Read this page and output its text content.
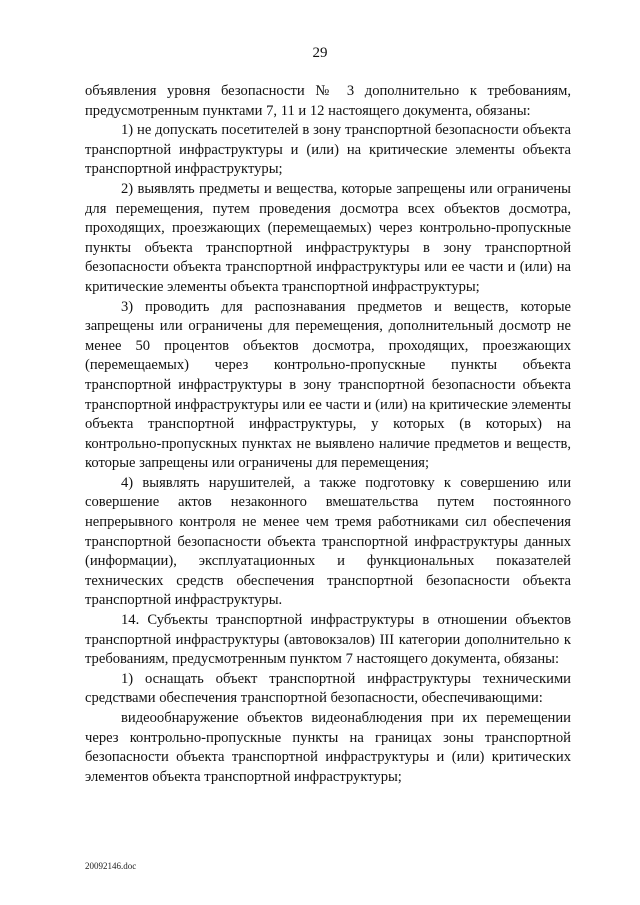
29

объявления уровня безопасности № 3 дополнительно к требованиям, предусмотренным пунктами 7, 11 и 12 настоящего документа, обязаны:

1) не допускать посетителей в зону транспортной безопасности объекта транспортной инфраструктуры и (или) на критические элементы объекта транспортной инфраструктуры;

2) выявлять предметы и вещества, которые запрещены или ограничены для перемещения, путем проведения досмотра всех объектов досмотра, проходящих, проезжающих (перемещаемых) через контрольно-пропускные пункты объекта транспортной инфраструктуры в зону транспортной безопасности объекта транспортной инфраструктуры или ее части и (или) на критические элементы объекта транспортной инфраструктуры;

3) проводить для распознавания предметов и веществ, которые запрещены или ограничены для перемещения, дополнительный досмотр не менее 50 процентов объектов досмотра, проходящих, проезжающих (перемещаемых) через контрольно-пропускные пункты объекта транспортной инфраструктуры в зону транспортной безопасности объекта транспортной инфраструктуры или ее части и (или) на критические элементы объекта транспортной инфраструктуры, у которых (в которых) на контрольно-пропускных пунктах не выявлено наличие предметов и веществ, которые запрещены или ограничены для перемещения;

4) выявлять нарушителей, а также подготовку к совершению или совершение актов незаконного вмешательства путем постоянного непрерывного контроля не менее чем тремя работниками сил обеспечения транспортной безопасности объекта транспортной инфраструктуры данных (информации), эксплуатационных и функциональных показателей технических средств обеспечения транспортной безопасности объекта транспортной инфраструктуры.

14. Субъекты транспортной инфраструктуры в отношении объектов транспортной инфраструктуры (автовокзалов) III категории дополнительно к требованиям, предусмотренным пунктом 7 настоящего документа, обязаны:

1) оснащать объект транспортной инфраструктуры техническими средствами обеспечения транспортной безопасности, обеспечивающими:

видеообнаружение объектов видеонаблюдения при их перемещении через контрольно-пропускные пункты на границах зоны транспортной безопасности объекта транспортной инфраструктуры и (или) критических элементов объекта транспортной инфраструктуры;

20092146.doc
